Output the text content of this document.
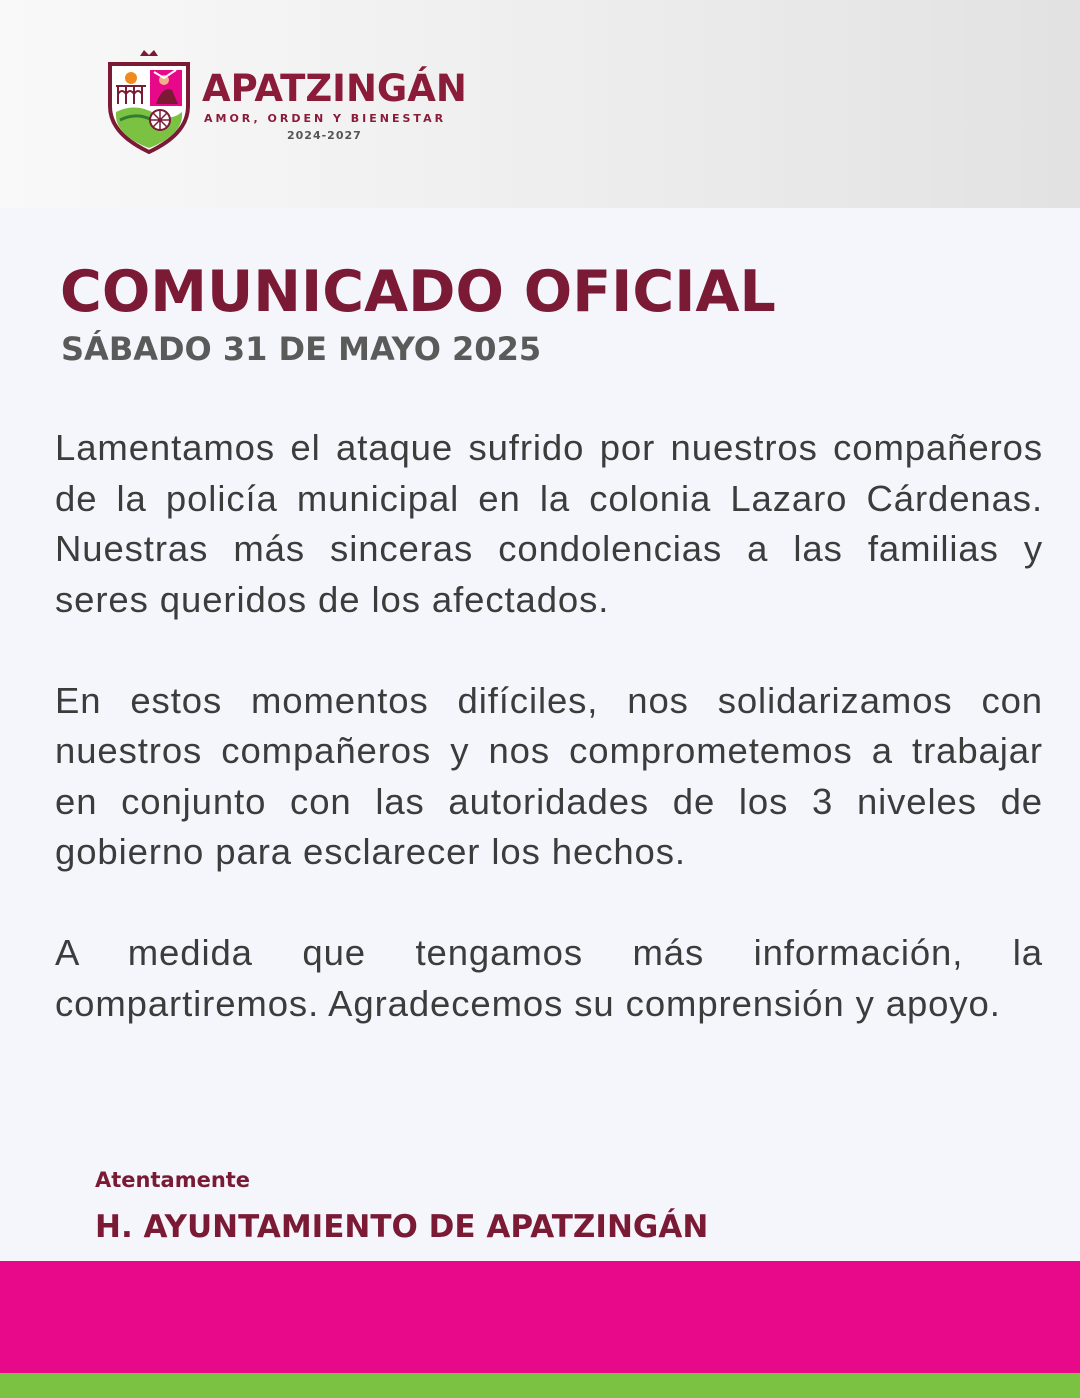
APATZINGÁN
AMOR, ORDEN Y BIENESTAR
2024-2027
COMUNICADO OFICIAL
SÁBADO 31 DE MAYO 2025

Lamentamos el ataque sufrido por nuestros compañeros de la policía municipal en la colonia Lazaro Cárdenas. Nuestras más sinceras condolencias a las familias y seres queridos de los afectados.

En estos momentos difíciles, nos solidarizamos con nuestros compañeros y nos comprometemos a trabajar en conjunto con las autoridades de los 3 niveles de gobierno para esclarecer los hechos.

A medida que tengamos más información, la compartiremos. Agradecemos su comprensión y apoyo.

Atentamente
H. AYUNTAMIENTO DE APATZINGÁN
